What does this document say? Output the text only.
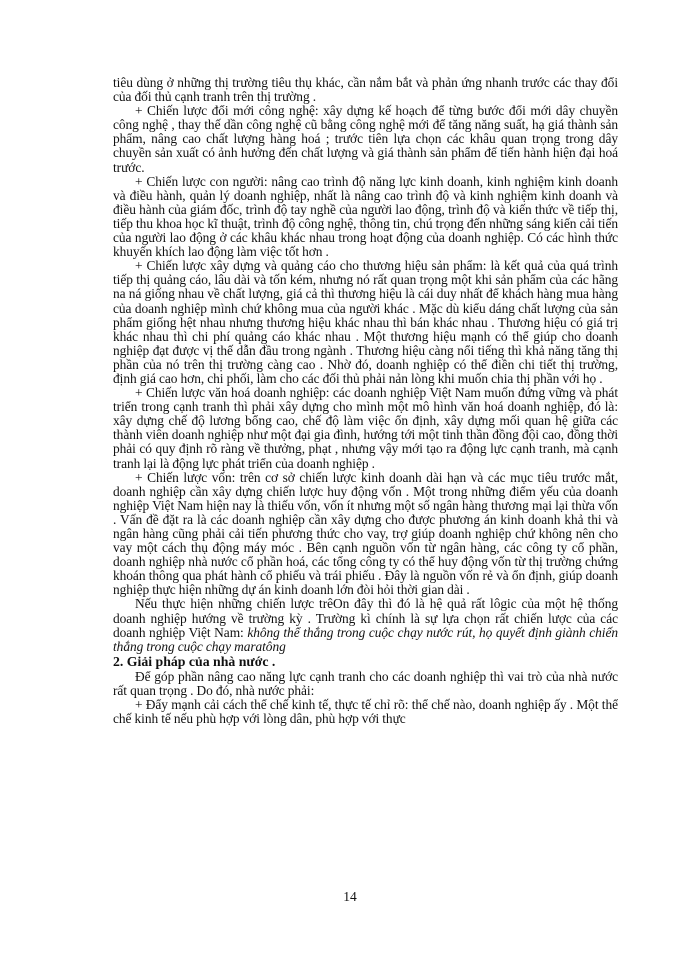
tiêu dùng ở những thị trường tiêu thụ khác, cần nắm bắt và phản ứng nhanh trước các thay đổi của đối thủ cạnh tranh trên thị trường .

+ Chiến lược đổi mới công nghệ: xây dựng kế hoạch để từng bước đổi mới dây chuyền công nghệ , thay thế dần công nghệ cũ bằng công nghệ mới để tăng năng suất, hạ giá thành sản phẩm, nâng cao chất lượng hàng hoá ; trước tiên lựa chọn các khâu quan trọng trong dây chuyền sản xuất có ảnh hưởng đến chất lượng và giá thành sản phẩm để tiến hành hiện đại hoá trước.

+ Chiến lược con người: nâng cao trình độ năng lực kinh doanh, kinh nghiệm kinh doanh và điều hành, quản lý doanh nghiệp, nhất là nâng cao trình độ và kinh nghiệm kinh doanh và điều hành của giám đốc, trình độ tay nghề của người lao động, trình độ và kiến thức về tiếp thị, tiếp thu khoa học kĩ thuật, trình độ công nghệ, thông tin, chú trọng đến những sáng kiến cải tiến của người lao động ở các khâu khác nhau trong hoạt động của doanh nghiệp. Có các hình thức khuyến khích lao động làm việc tốt hơn .

+ Chiến lược xây dựng và quảng cáo cho thương hiệu sản phẩm: là kết quả của quá trình tiếp thị quảng cáo, lâu dài và tốn kém, nhưng nó rất quan trọng một khi sản phẩm của các hãng na ná giống nhau về chất lượng, giá cả thì thương hiệu là cái duy nhất để khách hàng mua hàng của doanh nghiệp mình chứ không mua của người khác . Mặc dù kiểu dáng chất lượng của sản phẩm giống hệt nhau nhưng thương hiệu khác nhau thì bán khác nhau . Thương hiệu có giá trị khác nhau thì chi phí quảng cáo khác nhau . Một thương hiệu mạnh có thể giúp cho doanh nghiệp đạt được vị thế dẫn đầu trong ngành . Thương hiệu càng nổi tiếng thì khả năng tăng thị phần của nó trên thị trường càng cao . Nhờ đó, doanh nghiệp có thể điền chi tiết thị trường, định giá cao hơn, chi phối, làm cho các đối thủ phải nản lòng khi muốn chia thị phần với họ .

+ Chiến lược văn hoá doanh nghiệp: các doanh nghiệp Việt Nam muốn đứng vững và phát triển trong cạnh tranh thì phải xây dựng cho mình một mô hình văn hoá doanh nghiệp, đó là: xây dựng chế độ lương bổng cao, chế độ làm việc ổn định, xây dựng mối quan hệ giữa các thành viên doanh nghiệp như một đại gia đình, hướng tới một tinh thần đồng đội cao, đồng thời phải có quy định rõ ràng về thưởng, phạt , nhưng vậy mới tạo ra động lực cạnh tranh, mà cạnh tranh lại là động lực phát triển của doanh nghiệp .

+ Chiến lược vốn: trên cơ sở chiến lược kinh doanh dài hạn và các mục tiêu trước mắt, doanh nghiệp cần xây dựng chiến lược huy động vốn . Một trong những điểm yếu của doanh nghiệp Việt Nam hiện nay là thiếu vốn, vốn ít nhưng một số ngân hàng thương mại lại thừa vốn . Vấn đề đặt ra là các doanh nghiệp cần xây dựng cho được phương án kinh doanh khả thi và ngân hàng cũng phải cải tiến phương thức cho vay, trợ giúp doanh nghiệp chứ không nên cho vay một cách thụ động máy móc . Bên cạnh nguồn vốn từ ngân hàng, các công ty cổ phần, doanh nghiệp nhà nước cổ phần hoá, các tổng công ty có thể huy động vốn từ thị trường chứng khoán thông qua phát hành cổ phiếu và trái phiếu . Đây là nguồn vốn rẻ và ổn định, giúp doanh nghiệp thực hiện những dự án kinh doanh lớn đòi hỏi thời gian dài .

Nếu thực hiện những chiến lược trêOn đây thì đó là hệ quả rất lôgic của một hệ thống doanh nghiệp hướng về trường kỳ . Trường kì chính là sự lựa chọn rất chiến lược của các doanh nghiệp Việt Nam: không thể thắng trong cuộc chạy nước rút, họ quyết định giành chiến thắng trong cuộc chạy maratông

2. Giải pháp của nhà nước .

Để góp phần nâng cao năng lực cạnh tranh cho các doanh nghiệp thì vai trò của nhà nước rất quan trọng . Do đó, nhà nước phải:

+ Đẩy mạnh cải cách thể chế kinh tế, thực tế chỉ rõ: thể chế nào, doanh nghiệp ấy . Một thể chế kinh tế nếu phù hợp với lòng dân, phù hợp với thực

14
